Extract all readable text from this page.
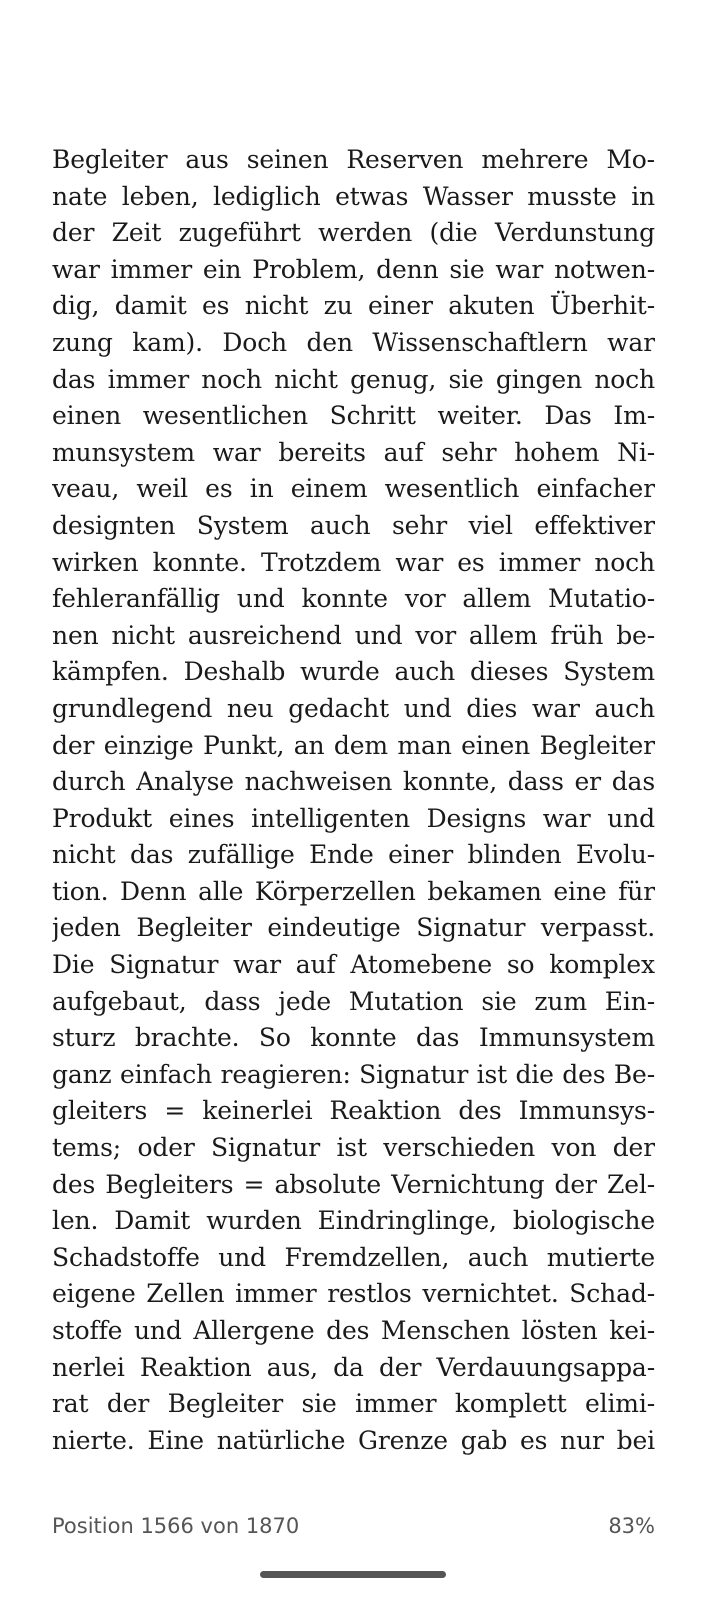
Begleiter aus seinen Reserven mehrere Mo-
nate leben, lediglich etwas Wasser musste in
der Zeit zugeführt werden (die Verdunstung
war immer ein Problem, denn sie war notwen-
dig, damit es nicht zu einer akuten Überhit-
zung kam). Doch den Wissenschaftlern war
das immer noch nicht genug, sie gingen noch
einen wesentlichen Schritt weiter. Das Im-
munsystem war bereits auf sehr hohem Ni-
veau, weil es in einem wesentlich einfacher
designten System auch sehr viel effektiver
wirken konnte. Trotzdem war es immer noch
fehleranfällig und konnte vor allem Mutatio-
nen nicht ausreichend und vor allem früh be-
kämpfen. Deshalb wurde auch dieses System
grundlegend neu gedacht und dies war auch
der einzige Punkt, an dem man einen Begleiter
durch Analyse nachweisen konnte, dass er das
Produkt eines intelligenten Designs war und
nicht das zufällige Ende einer blinden Evolu-
tion. Denn alle Körperzellen bekamen eine für
jeden Begleiter eindeutige Signatur verpasst.
Die Signatur war auf Atomebene so komplex
aufgebaut, dass jede Mutation sie zum Ein-
sturz brachte. So konnte das Immunsystem
ganz einfach reagieren: Signatur ist die des Be-
gleiters = keinerlei Reaktion des Immunsys-
tems; oder Signatur ist verschieden von der
des Begleiters = absolute Vernichtung der Zel-
len. Damit wurden Eindringlinge, biologische
Schadstoffe und Fremdzellen, auch mutierte
eigene Zellen immer restlos vernichtet. Schad-
stoffe und Allergene des Menschen lösten kei-
nerlei Reaktion aus, da der Verdauungsappa-
rat der Begleiter sie immer komplett elimi-
nierte. Eine natürliche Grenze gab es nur bei
Position 1566 von 1870	83%
